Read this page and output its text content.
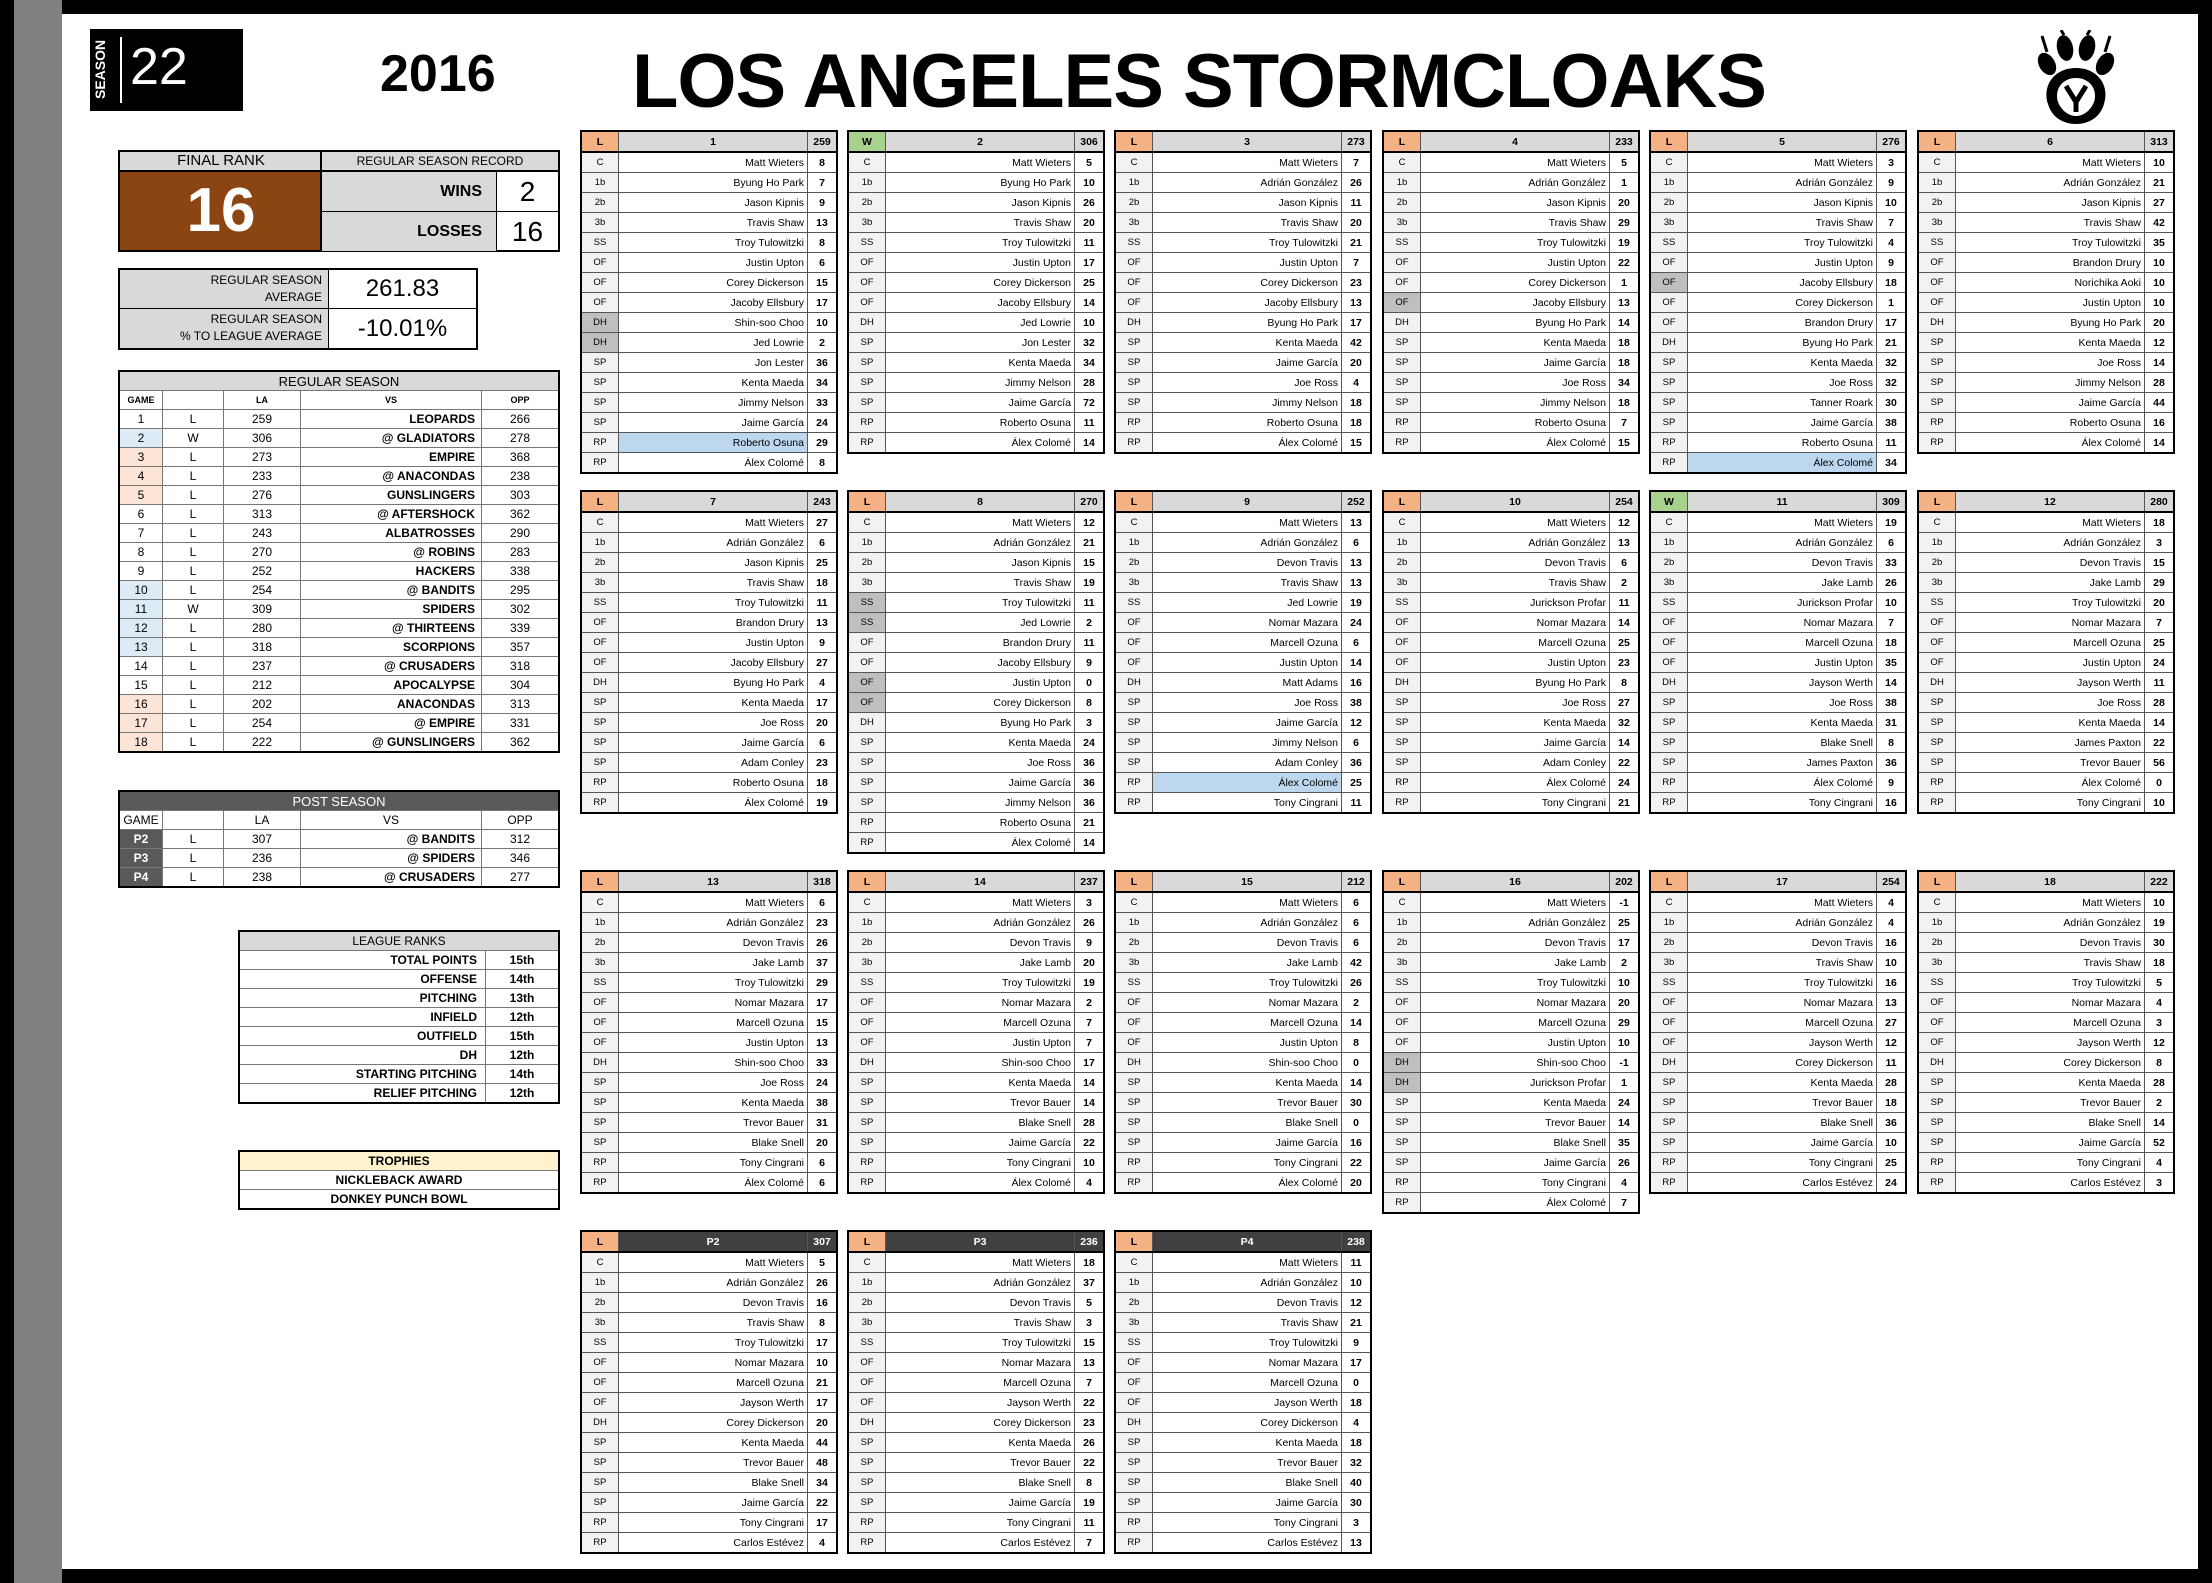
SEASON 22	2016 LOS ANGELES STORMCLOAKS
FINAL RANK
16
REGULAR SEASON RECORD
WINS	2
LOSSES	16
REGULAR SEASON
AVERAGE	261.83
REGULAR SEASON
% TO LEAGUE AVERAGE	-10.01%
REGULAR SEASON				
GAME		LA	VS	OPP
1	L	259	LEOPARDS	266
2	W	306	@ GLADIATORS	278
3	L	273	EMPIRE	368
4	L	233	@ ANACONDAS	238
5	L	276	GUNSLINGERS	303
6	L	313	@ AFTERSHOCK	362
7	L	243	ALBATROSSES	290
8	L	270	@ ROBINS	283
9	L	252	HACKERS	338
10	L	254	@ BANDITS	295
11	W	309	SPIDERS	302
12	L	280	@ THIRTEENS	339
13	L	318	SCORPIONS	357
14	L	237	@ CRUSADERS	318
15	L	212	APOCALYPSE	304
16	L	202	ANACONDAS	313
17	L	254	@ EMPIRE	331
18	L	222	@ GUNSLINGERS	362
POST SEASON				
GAME		LA	VS	OPP
P2	L	307	@ BANDITS	312
P3	L	236	@ SPIDERS	346
P4	L	238	@ CRUSADERS	277
LEAGUE RANKS	
TOTAL POINTS	15th
OFFENSE	14th
PITCHING	13th
INFIELD	12th
OUTFIELD	15th
DH	12th
STARTING PITCHING	14th
RELIEF PITCHING	12th
TROPHIES
NICKLEBACK AWARD
DONKEY PUNCH BOWL
L	1	259
C	Matt Wieters	8
1b	Byung Ho Park	7
2b	Jason Kipnis	9
3b	Travis Shaw	13
SS	Troy Tulowitzki	8
OF	Justin Upton	6
OF	Corey Dickerson	15
OF	Jacoby Ellsbury	17
DH	Shin-soo Choo	10
DH	Jed Lowrie	2
SP	Jon Lester	36
SP	Kenta Maeda	34
SP	Jimmy Nelson	33
SP	Jaime García	24
RP	Roberto Osuna	29
RP	Álex Colomé	8
W	2	306
C	Matt Wieters	5
1b	Byung Ho Park	10
2b	Jason Kipnis	26
3b	Travis Shaw	20
SS	Troy Tulowitzki	11
OF	Justin Upton	17
OF	Corey Dickerson	25
OF	Jacoby Ellsbury	14
DH	Jed Lowrie	10
SP	Jon Lester	32
SP	Kenta Maeda	34
SP	Jimmy Nelson	28
SP	Jaime García	72
RP	Roberto Osuna	11
RP	Álex Colomé	14
L	3	273
C	Matt Wieters	7
1b	Adrián González	26
2b	Jason Kipnis	11
3b	Travis Shaw	20
SS	Troy Tulowitzki	21
OF	Justin Upton	7
OF	Corey Dickerson	23
OF	Jacoby Ellsbury	13
DH	Byung Ho Park	17
SP	Kenta Maeda	42
SP	Jaime García	20
SP	Joe Ross	4
SP	Jimmy Nelson	18
RP	Roberto Osuna	18
RP	Álex Colomé	15
L	4	233
C	Matt Wieters	5
1b	Adrián González	1
2b	Jason Kipnis	20
3b	Travis Shaw	29
SS	Troy Tulowitzki	19
OF	Justin Upton	22
OF	Corey Dickerson	1
OF	Jacoby Ellsbury	13
DH	Byung Ho Park	14
SP	Kenta Maeda	18
SP	Jaime García	18
SP	Joe Ross	34
SP	Jimmy Nelson	18
RP	Roberto Osuna	7
RP	Álex Colomé	15
L	5	276
C	Matt Wieters	3
1b	Adrián González	9
2b	Jason Kipnis	10
3b	Travis Shaw	7
SS	Troy Tulowitzki	4
OF	Justin Upton	9
OF	Jacoby Ellsbury	18
OF	Corey Dickerson	1
OF	Brandon Drury	17
DH	Byung Ho Park	21
SP	Kenta Maeda	32
SP	Joe Ross	32
SP	Tanner Roark	30
SP	Jaime García	38
RP	Roberto Osuna	11
RP	Álex Colomé	34
L	6	313
C	Matt Wieters	10
1b	Adrián González	21
2b	Jason Kipnis	27
3b	Travis Shaw	42
SS	Troy Tulowitzki	35
OF	Brandon Drury	10
OF	Norichika Aoki	10
OF	Justin Upton	10
DH	Byung Ho Park	20
SP	Kenta Maeda	12
SP	Joe Ross	14
SP	Jimmy Nelson	28
SP	Jaime García	44
RP	Roberto Osuna	16
RP	Álex Colomé	14
L	7	243
C	Matt Wieters	27
1b	Adrián González	6
2b	Jason Kipnis	25
3b	Travis Shaw	18
SS	Troy Tulowitzki	11
OF	Brandon Drury	13
OF	Justin Upton	9
OF	Jacoby Ellsbury	27
DH	Byung Ho Park	4
SP	Kenta Maeda	17
SP	Joe Ross	20
SP	Jaime García	6
SP	Adam Conley	23
RP	Roberto Osuna	18
RP	Álex Colomé	19
L	8	270
C	Matt Wieters	12
1b	Adrián González	21
2b	Jason Kipnis	15
3b	Travis Shaw	19
SS	Troy Tulowitzki	11
SS	Jed Lowrie	2
OF	Brandon Drury	11
OF	Jacoby Ellsbury	9
OF	Justin Upton	0
OF	Corey Dickerson	8
DH	Byung Ho Park	3
SP	Kenta Maeda	24
SP	Joe Ross	36
SP	Jaime García	36
SP	Jimmy Nelson	36
RP	Roberto Osuna	21
RP	Álex Colomé	14
L	9	252
C	Matt Wieters	13
1b	Adrián González	6
2b	Devon Travis	13
3b	Travis Shaw	13
SS	Jed Lowrie	19
OF	Nomar Mazara	24
OF	Marcell Ozuna	6
OF	Justin Upton	14
DH	Matt Adams	16
SP	Joe Ross	38
SP	Jaime García	12
SP	Jimmy Nelson	6
SP	Adam Conley	36
RP	Álex Colomé	25
RP	Tony Cingrani	11
L	10	254
C	Matt Wieters	12
1b	Adrián González	13
2b	Devon Travis	6
3b	Travis Shaw	2
SS	Jurickson Profar	11
OF	Nomar Mazara	14
OF	Marcell Ozuna	25
OF	Justin Upton	23
DH	Byung Ho Park	8
SP	Joe Ross	27
SP	Kenta Maeda	32
SP	Jaime García	14
SP	Adam Conley	22
RP	Álex Colomé	24
RP	Tony Cingrani	21
W	11	309
C	Matt Wieters	19
1b	Adrián González	6
2b	Devon Travis	33
3b	Jake Lamb	26
SS	Jurickson Profar	10
OF	Nomar Mazara	7
OF	Marcell Ozuna	18
OF	Justin Upton	35
DH	Jayson Werth	14
SP	Joe Ross	38
SP	Kenta Maeda	31
SP	Blake Snell	8
SP	James Paxton	36
RP	Álex Colomé	9
RP	Tony Cingrani	16
L	12	280
C	Matt Wieters	18
1b	Adrián González	3
2b	Devon Travis	15
3b	Jake Lamb	29
SS	Troy Tulowitzki	20
OF	Nomar Mazara	7
OF	Marcell Ozuna	25
OF	Justin Upton	24
DH	Jayson Werth	11
SP	Joe Ross	28
SP	Kenta Maeda	14
SP	James Paxton	22
SP	Trevor Bauer	56
RP	Álex Colomé	0
RP	Tony Cingrani	10
L	13	318
C	Matt Wieters	6
1b	Adrián González	23
2b	Devon Travis	26
3b	Jake Lamb	37
SS	Troy Tulowitzki	29
OF	Nomar Mazara	17
OF	Marcell Ozuna	15
OF	Justin Upton	13
DH	Shin-soo Choo	33
SP	Joe Ross	24
SP	Kenta Maeda	38
SP	Trevor Bauer	31
SP	Blake Snell	20
RP	Tony Cingrani	6
RP	Álex Colomé	6
L	14	237
C	Matt Wieters	3
1b	Adrián González	26
2b	Devon Travis	9
3b	Jake Lamb	20
SS	Troy Tulowitzki	19
OF	Nomar Mazara	2
OF	Marcell Ozuna	7
OF	Justin Upton	7
DH	Shin-soo Choo	17
SP	Kenta Maeda	14
SP	Trevor Bauer	14
SP	Blake Snell	28
SP	Jaime García	22
RP	Tony Cingrani	10
RP	Álex Colomé	4
L	15	212
C	Matt Wieters	6
1b	Adrián González	6
2b	Devon Travis	6
3b	Jake Lamb	42
SS	Troy Tulowitzki	26
OF	Nomar Mazara	2
OF	Marcell Ozuna	14
OF	Justin Upton	8
DH	Shin-soo Choo	0
SP	Kenta Maeda	14
SP	Trevor Bauer	30
SP	Blake Snell	0
SP	Jaime García	16
RP	Tony Cingrani	22
RP	Álex Colomé	20
L	16	202
C	Matt Wieters	-1
1b	Adrián González	25
2b	Devon Travis	17
3b	Jake Lamb	2
SS	Troy Tulowitzki	10
OF	Nomar Mazara	20
OF	Marcell Ozuna	29
OF	Justin Upton	10
DH	Shin-soo Choo	-1
DH	Jurickson Profar	1
SP	Kenta Maeda	24
SP	Trevor Bauer	14
SP	Blake Snell	35
SP	Jaime García	26
RP	Tony Cingrani	4
RP	Álex Colomé	7
L	17	254
C	Matt Wieters	4
1b	Adrián González	4
2b	Devon Travis	16
3b	Travis Shaw	10
SS	Troy Tulowitzki	16
OF	Nomar Mazara	13
OF	Marcell Ozuna	27
OF	Jayson Werth	12
DH	Corey Dickerson	11
SP	Kenta Maeda	28
SP	Trevor Bauer	18
SP	Blake Snell	36
SP	Jaime García	10
RP	Tony Cingrani	25
RP	Carlos Estévez	24
L	18	222
C	Matt Wieters	10
1b	Adrián González	19
2b	Devon Travis	30
3b	Travis Shaw	18
SS	Troy Tulowitzki	5
OF	Nomar Mazara	4
OF	Marcell Ozuna	3
OF	Jayson Werth	12
DH	Corey Dickerson	8
SP	Kenta Maeda	28
SP	Trevor Bauer	2
SP	Blake Snell	14
SP	Jaime García	52
RP	Tony Cingrani	4
RP	Carlos Estévez	3
L	P2	307
C	Matt Wieters	5
1b	Adrián González	26
2b	Devon Travis	16
3b	Travis Shaw	8
SS	Troy Tulowitzki	17
OF	Nomar Mazara	10
OF	Marcell Ozuna	21
OF	Jayson Werth	17
DH	Corey Dickerson	20
SP	Kenta Maeda	44
SP	Trevor Bauer	48
SP	Blake Snell	34
SP	Jaime García	22
RP	Tony Cingrani	17
RP	Carlos Estévez	4
L	P3	236
C	Matt Wieters	18
1b	Adrián González	37
2b	Devon Travis	5
3b	Travis Shaw	3
SS	Troy Tulowitzki	15
OF	Nomar Mazara	13
OF	Marcell Ozuna	7
OF	Jayson Werth	22
DH	Corey Dickerson	23
SP	Kenta Maeda	26
SP	Trevor Bauer	22
SP	Blake Snell	8
SP	Jaime García	19
RP	Tony Cingrani	11
RP	Carlos Estévez	7
L	P4	238
C	Matt Wieters	11
1b	Adrián González	10
2b	Devon Travis	12
3b	Travis Shaw	21
SS	Troy Tulowitzki	9
OF	Nomar Mazara	17
OF	Marcell Ozuna	0
OF	Jayson Werth	18
DH	Corey Dickerson	4
SP	Kenta Maeda	18
SP	Trevor Bauer	32
SP	Blake Snell	40
SP	Jaime García	30
RP	Tony Cingrani	3
RP	Carlos Estévez	13
